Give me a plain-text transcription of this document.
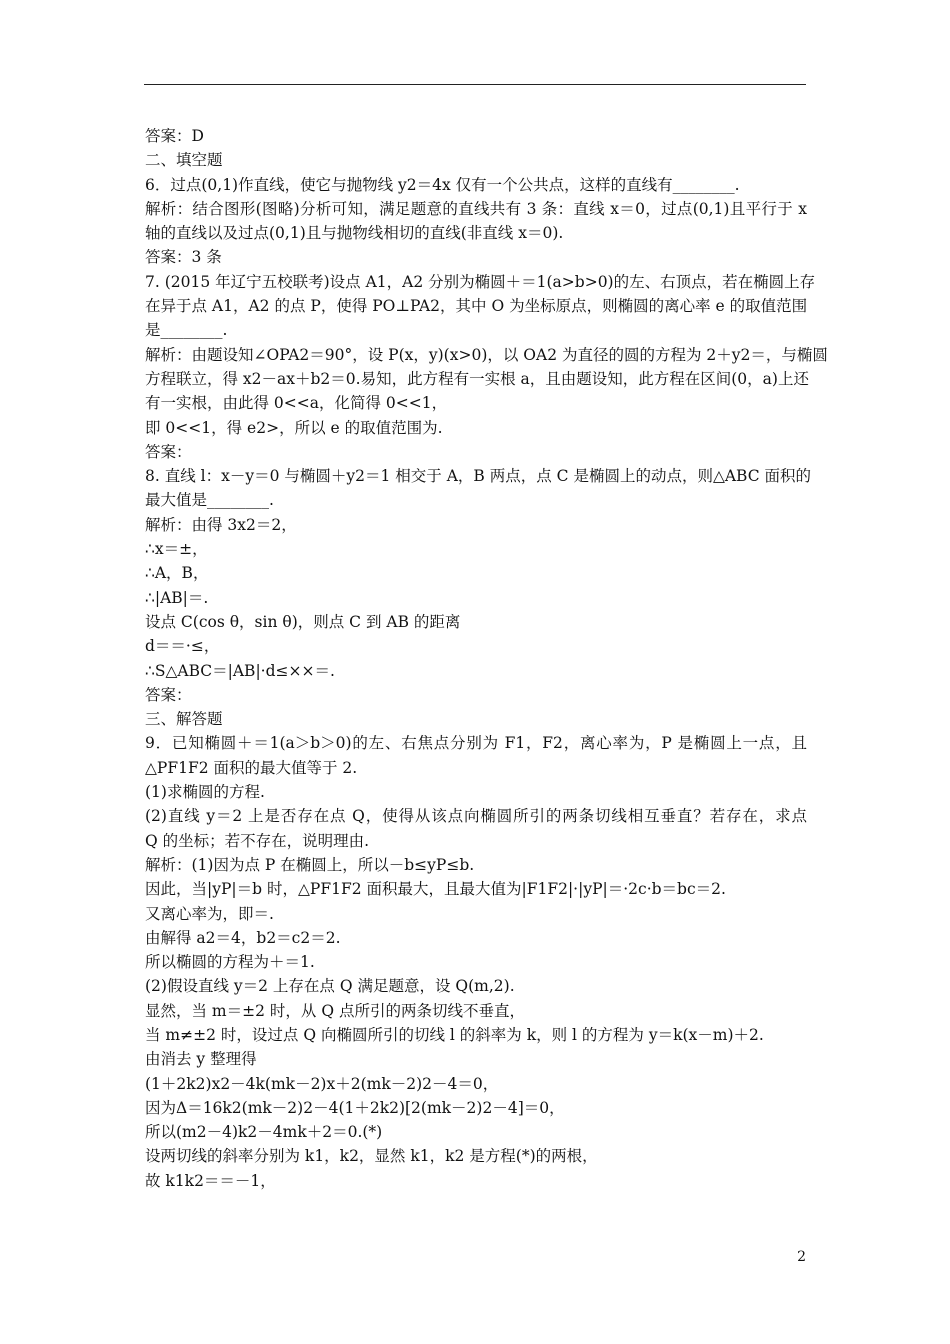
答案：D
二、填空题
6．过点(0,1)作直线，使它与抛物线 y2＝4x 仅有一个公共点，这样的直线有________.
解析：结合图形(图略)分析可知，满足题意的直线共有 3 条：直线 x＝0，过点(0,1)且平行于 x
轴的直线以及过点(0,1)且与抛物线相切的直线(非直线 x＝0).
答案：3 条
7. (2015 年辽宁五校联考)设点 A1，A2 分别为椭圆＋＝1(a>b>0)的左、右顶点，若在椭圆上存
在异于点 A1，A2 的点 P，使得 PO⊥PA2，其中 O 为坐标原点，则椭圆的离心率 e 的取值范围
是________.
解析：由题设知∠OPA2＝90°，设 P(x，y)(x>0)，以 OA2 为直径的圆的方程为 2＋y2＝，与椭圆
方程联立，得 x2－ax＋b2＝0.易知，此方程有一实根 a，且由题设知，此方程在区间(0，a)上还
有一实根，由此得 0<<a，化简得 0<<1，
即 0<<1，得 e2>，所以 e 的取值范围为.
答案：
8. 直线 l：x－y＝0 与椭圆＋y2＝1 相交于 A，B 两点，点 C 是椭圆上的动点，则△ABC 面积的
最大值是________.
解析：由得 3x2＝2，
∴x＝±，
∴A，B，
∴|AB|＝.
设点 C(cos θ，sin θ)，则点 C 到 AB 的距离
d＝＝·≤，
∴S△ABC＝|AB|·d≤××＝.
答案：
三、解答题
9．已知椭圆＋＝1(a＞b＞0)的左、右焦点分别为 F1，F2，离心率为，P 是椭圆上一点，且
△PF1F2 面积的最大值等于 2.
(1)求椭圆的方程.
(2)直线 y＝2 上是否存在点 Q，使得从该点向椭圆所引的两条切线相互垂直？若存在，求点
Q 的坐标；若不存在，说明理由.
解析：(1)因为点 P 在椭圆上，所以－b≤yP≤b.
因此，当|yP|＝b 时，△PF1F2 面积最大，且最大值为|F1F2|·|yP|＝·2c·b＝bc＝2.
又离心率为，即＝.
由解得 a2＝4，b2＝c2＝2.
所以椭圆的方程为＋＝1.
(2)假设直线 y＝2 上存在点 Q 满足题意，设 Q(m,2).
显然，当 m＝±2 时，从 Q 点所引的两条切线不垂直，
当 m≠±2 时，设过点 Q 向椭圆所引的切线 l 的斜率为 k，则 l 的方程为 y＝k(x－m)＋2.
由消去 y 整理得
(1＋2k2)x2－4k(mk－2)x＋2(mk－2)2－4＝0，
因为Δ＝16k2(mk－2)2－4(1＋2k2)[2(mk－2)2－4]＝0，
所以(m2－4)k2－4mk＋2＝0.(*)
设两切线的斜率分别为 k1，k2，显然 k1，k2 是方程(*)的两根，
故 k1k2＝＝－1，
2
